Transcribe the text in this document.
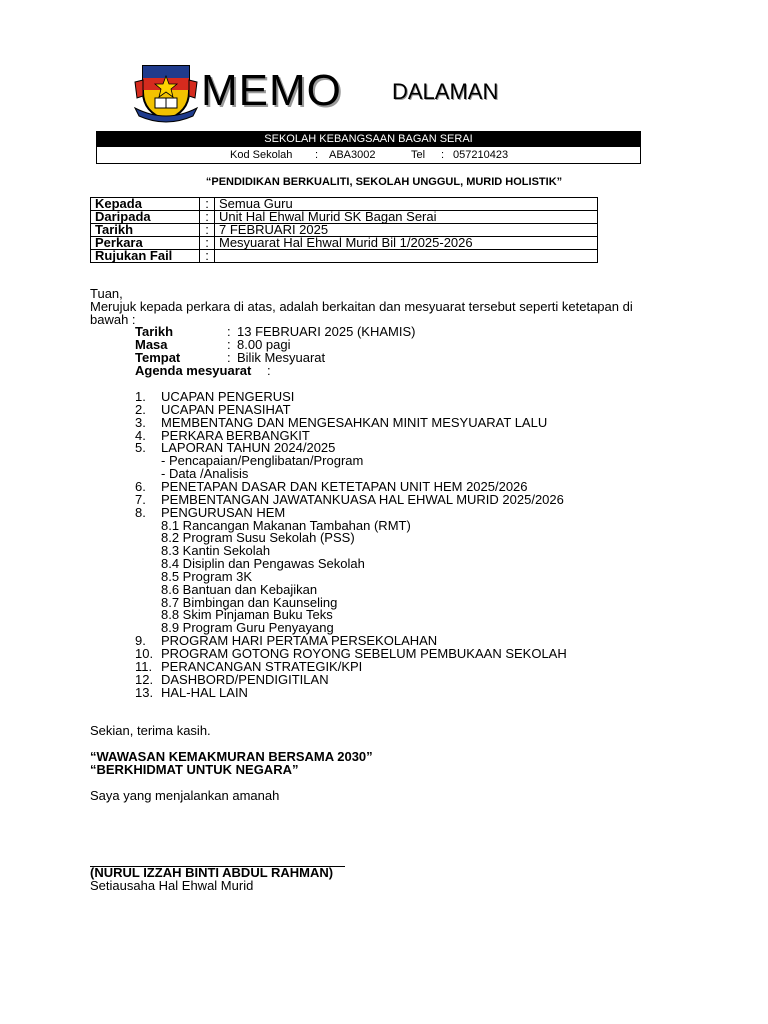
MEMO DALAMAN
SEKOLAH KEBANGSAAN BAGAN SERAI
Kod Sekolah : ABA3002	Tel : 057210423
“PENDIDIKAN BERKUALITI, SEKOLAH UNGGUL, MURID HOLISTIK”
Kepada	:	Semua Guru
Daripada	:	Unit Hal Ehwal Murid SK Bagan Serai
Tarikh	:	7 FEBRUARI 2025
Perkara	:	Mesyuarat Hal Ehwal Murid Bil 1/2025-2026
Rujukan Fail	:	
Tuan,
Merujuk kepada perkara di atas, adalah berkaitan dan mesyuarat tersebut seperti ketetapan di
bawah :
Tarikh	: 13 FEBRUARI 2025 (KHAMIS)
Masa	: 8.00 pagi
Tempat	: Bilik Mesyuarat
Agenda mesyuarat :
1. UCAPAN PENGERUSI
2. UCAPAN PENASIHAT
3. MEMBENTANG DAN MENGESAHKAN MINIT MESYUARAT LALU
4. PERKARA BERBANGKIT
5. LAPORAN TAHUN 2024/2025
- Pencapaian/Penglibatan/Program
- Data /Analisis
6. PENETAPAN DASAR DAN KETETAPAN UNIT HEM 2025/2026
7. PEMBENTANGAN JAWATANKUASA HAL EHWAL MURID 2025/2026
8. PENGURUSAN HEM
8.1 Rancangan Makanan Tambahan (RMT)
8.2 Program Susu Sekolah (PSS)
8.3 Kantin Sekolah
8.4 Disiplin dan Pengawas Sekolah
8.5 Program 3K
8.6 Bantuan dan Kebajikan
8.7 Bimbingan dan Kaunseling
8.8 Skim Pinjaman Buku Teks
8.9 Program Guru Penyayang
9. PROGRAM HARI PERTAMA PERSEKOLAHAN
10. PROGRAM GOTONG ROYONG SEBELUM PEMBUKAAN SEKOLAH
11. PERANCANGAN STRATEGIK/KPI
12. DASHBORD/PENDIGITILAN
13. HAL-HAL LAIN
Sekian, terima kasih.
“WAWASAN KEMAKMURAN BERSAMA 2030”
“BERKHIDMAT UNTUK NEGARA”
Saya yang menjalankan amanah
(NURUL IZZAH BINTI ABDUL RAHMAN)
Setiausaha Hal Ehwal Murid
